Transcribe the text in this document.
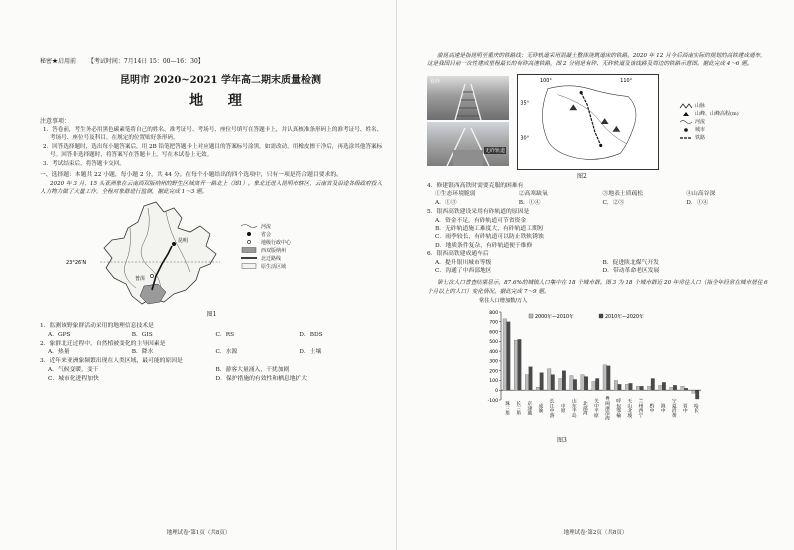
秘密★启用前 【考试时间：7月14日 15：00—16：30】
昆明市 2020~2021 学年高二期末质量检测
地 理
注意事项：
1．答卷前，考生务必用黑色碳素笔将自己的姓名、准考证号、考场号、座位号填写在答题卡上，并认真核准条形码上的准考证号、姓名、考场号、座位号及科目，在规定的位置贴好条形码。
2．回答选择题时，选出每小题答案后，用 2B 铅笔把答题卡上对应题目的答案标号涂黑。如需改动，用橡皮擦干净后，再选涂其他答案标号。回答非选择题时，将答案写在答题卡上。写在本试卷上无效。
3．考试结束后，将答题卡交回。
一、选择题：本题共 22 小题，每小题 2 分，共 44 分。在每个小题给出的四个选项中，只有一项是符合题目要求的。
2020 年 3 月，15 头亚洲象在云南西双版纳州的野生区域离开一路北上（图1）。象北迁进入昆明市辖区，云南省及沿途各级政府投入人力物力做了大量工作，全程对象群进行监测，据此完成 1～3 题。
23°26′N
昆明
普洱
河流
省会
地级行政中心
西双版纳州
北迁路线
原生活区域
图1
1．监测该野象群活动采用的地理信息技术是
A．GPS	B．GIS	C．RS	D．BDS
2．象群北迁过程中，自然植被变化的主导因素是
A．热量	B．降水	C．水源	D．土壤
3．近年来亚洲象频繁出现在人类区域，最可能的原因是
A．气候变暖，变干	B．游客大量涌入，干扰加剧
C．城市化进程加快	D．保护措施的有效性和栖息地扩大
地理试卷·第1页（共8页）
渝昆高速是指昆明至重庆的铁路线：无砟轨道采用混凝土整体浇筑道床的铁路。2020 年 12 月今后西南实际的规划的高铁建成通车，这是我国目前一次性建成里程最长的有砟高速铁路，图 2 分别是有砟、无砟轨道及该线路及周边的铁路示意图。据此完成 4～6 题。
有砟
无砟轨道
100°	110°
35°
30°
山脉
山峰、山峰高程(m)
河流
城市
铁路
图2
4．修建银西高铁时需要克服的困难有
①生态环境脆弱	②高寒缺氧	③地表土质疏松	④山高谷深
A．①③	B．①④	C．②③	D．①④
5．银西高铁建设采用有砟轨道的原因是
A．资金不足，有砟轨道可节省资金
B．无砟轨道施工难度大，有砟轨道工期短
C．雨季较长，有砟轨道可以防止铁轨锈蚀
D．地质条件复杂，有砟轨道便于维修
6．银西高铁建成通车后
A．提升银川城市等级	B．促进陕北煤气开发
C．沟通了中西部地区	D．带动革命老区发展
第七次人口普查结果显示，87.6%的城镇人口集中在 18 个城市群。图 3 为 18 个城市群近 20 年常住人口（指全年经常在城市居住 6 个月以上的人口）变化情况。据此完成 7～9 题。
常住人口增加数/万人
-100
0
100
200
300
400
500
600
700
800
2000年—2010年	2010年—2020年
珠三角 长三角 京津冀 成渝 长江中游 中原 山东半岛 北部湾 关中平原 粤闽浙沿海 呼包鄂榆 天山北坡 兰州西宁 黔中 滇中 宁夏沿黄 晋中 哈长
图3
地理试卷·第2页（共8页）
